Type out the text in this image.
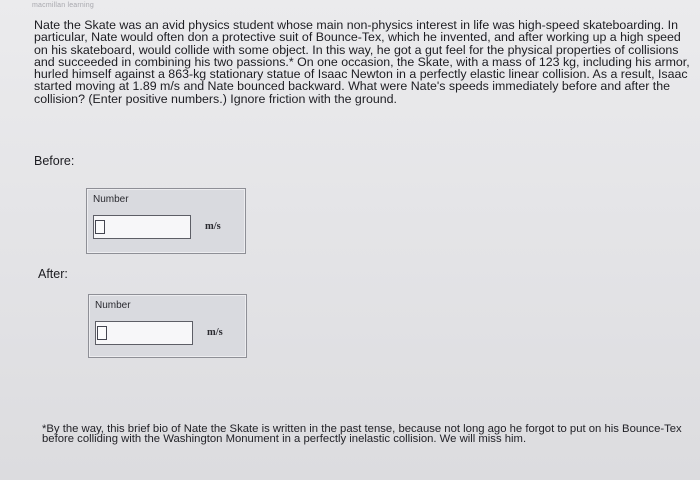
macmillan learning

Nate the Skate was an avid physics student whose main non-physics interest in life was high-speed skateboarding. In particular, Nate would often don a protective suit of Bounce-Tex, which he invented, and after working up a high speed on his skateboard, would collide with some object. In this way, he got a gut feel for the physical properties of collisions and succeeded in combining his two passions.* On one occasion, the Skate, with a mass of 123 kg, including his armor, hurled himself against a 863-kg stationary statue of Isaac Newton in a perfectly elastic linear collision. As a result, Isaac started moving at 1.89 m/s and Nate bounced backward. What were Nate's speeds immediately before and after the collision? (Enter positive numbers.) Ignore friction with the ground.

Before:
Number
m/s
After:
Number
m/s

*By the way, this brief bio of Nate the Skate is written in the past tense, because not long ago he forgot to put on his Bounce-Tex before colliding with the Washington Monument in a perfectly inelastic collision. We will miss him.
